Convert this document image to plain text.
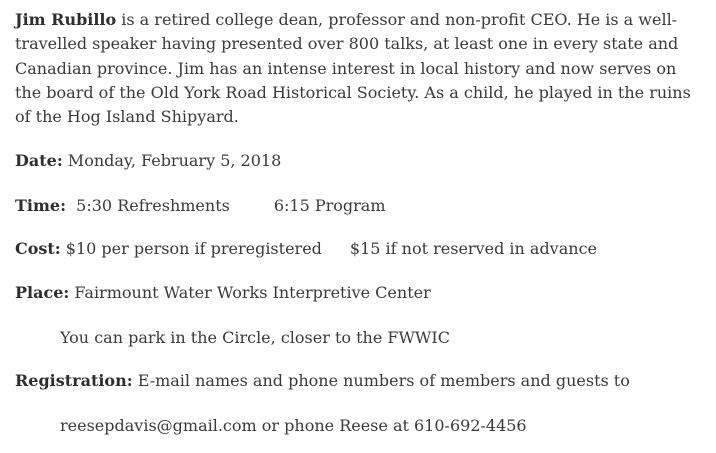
Jim Rubillo is a retired college dean, professor and non-profit CEO. He is a well-travelled speaker having presented over 800 talks, at least one in every state and Canadian province. Jim has an intense interest in local history and now serves on the board of the Old York Road Historical Society. As a child, he played in the ruins of the Hog Island Shipyard.

Date: Monday, February 5, 2018
Time: 5:30 Refreshments	6:15 Program
Cost: $10 per person if preregistered $15 if not reserved in advance
Place: Fairmount Water Works Interpretive Center
You can park in the Circle, closer to the FWWIC
Registration: E-mail names and phone numbers of members and guests to
reesepdavis@gmail.com or phone Reese at 610-692-4456
